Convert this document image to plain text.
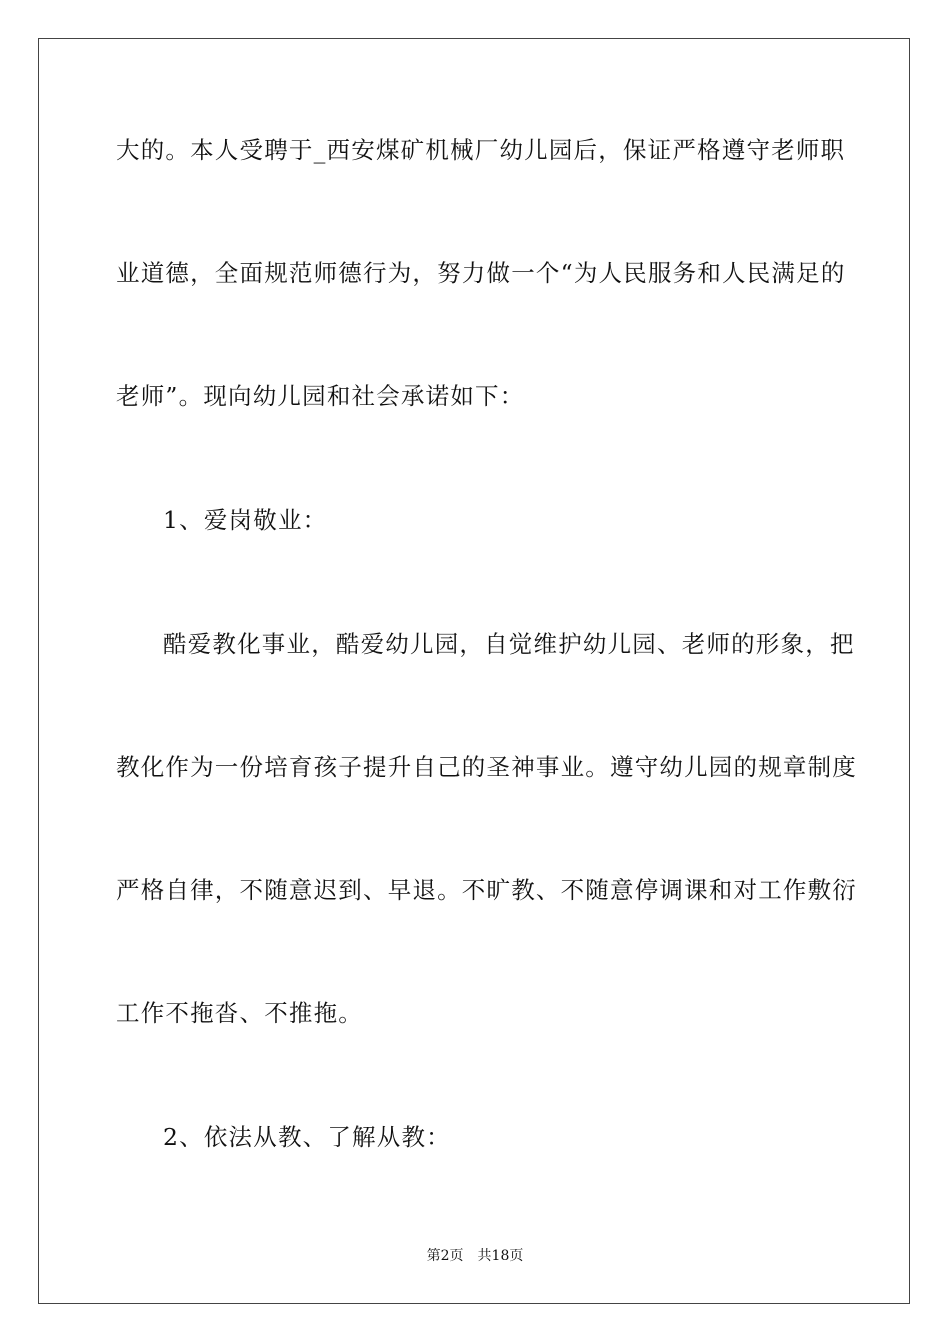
大的。本人受聘于_西安煤矿机械厂幼儿园后，保证严格遵守老师职
业道德，全面规范师德行为，努力做一个“为人民服务和人民满足的
老师”。现向幼儿园和社会承诺如下：
1、爱岗敬业：
酷爱教化事业，酷爱幼儿园，自觉维护幼儿园、老师的形象，把
教化作为一份培育孩子提升自己的圣神事业。遵守幼儿园的规章制度
严格自律，不随意迟到、早退。不旷教、不随意停调课和对工作敷衍
工作不拖沓、不推拖。
2、依法从教、了解从教：
第2页 共18页
